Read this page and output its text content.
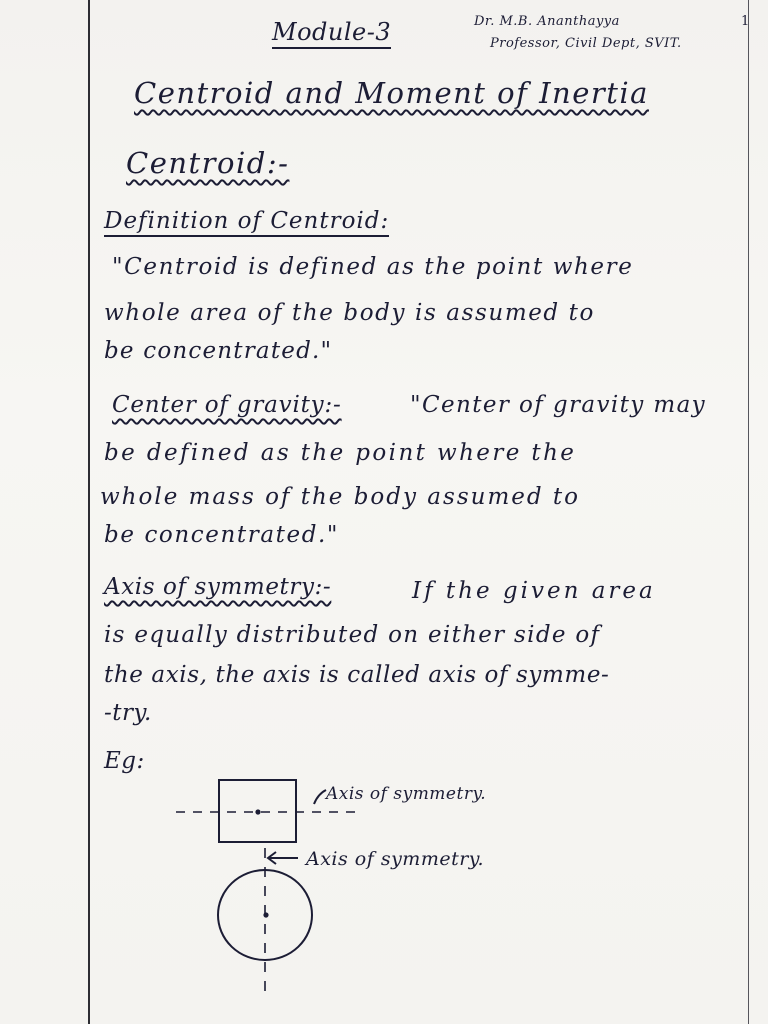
1
Module-3	Dr. M.B. Ananthayya
Professor, Civil Dept, SVIT.
Centroid and Moment of Inertia
Centroid:-
Definition of Centroid:
"Centroid is defined as the point where
whole area of the body is assumed to
be concentrated."
Center of gravity:-	"Center of gravity may
be defined as the point where the
whole mass of the body assumed to
be concentrated."
Axis of symmetry:-	If the given area
is equally distributed on either side of
the axis, the axis is called axis of symme-
-try.
Eg:
Axis of symmetry.
Axis of symmetry.
